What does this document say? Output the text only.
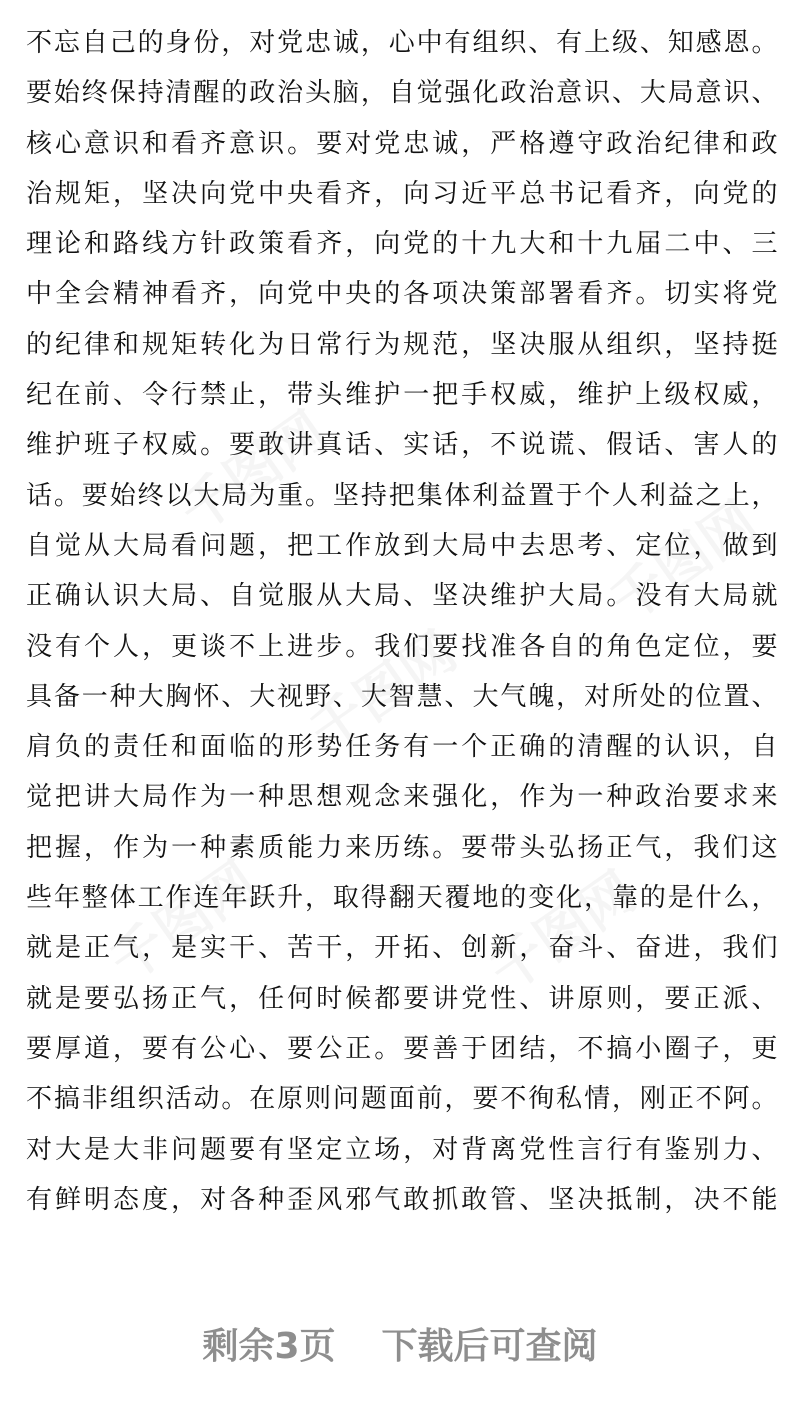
千图网
千图网
千图网
千图网	千图网
不忘自己的身份，对党忠诚，心中有组织、有上级、知感恩。
要始终保持清醒的政治头脑，自觉强化政治意识、大局意识、
核心意识和看齐意识。要对党忠诚，严格遵守政治纪律和政
治规矩，坚决向党中央看齐，向习近平总书记看齐，向党的
理论和路线方针政策看齐，向党的十九大和十九届二中、三
中全会精神看齐，向党中央的各项决策部署看齐。切实将党
的纪律和规矩转化为日常行为规范，坚决服从组织，坚持挺
纪在前、令行禁止，带头维护一把手权威，维护上级权威，
维护班子权威。要敢讲真话、实话，不说谎、假话、害人的
话。要始终以大局为重。坚持把集体利益置于个人利益之上，
自觉从大局看问题，把工作放到大局中去思考、定位，做到
正确认识大局、自觉服从大局、坚决维护大局。没有大局就
没有个人，更谈不上进步。我们要找准各自的角色定位，要
具备一种大胸怀、大视野、大智慧、大气魄，对所处的位置、
肩负的责任和面临的形势任务有一个正确的清醒的认识，自
觉把讲大局作为一种思想观念来强化，作为一种政治要求来
把握，作为一种素质能力来历练。要带头弘扬正气，我们这
些年整体工作连年跃升，取得翻天覆地的变化，靠的是什么，
就是正气，是实干、苦干，开拓、创新，奋斗、奋进，我们
就是要弘扬正气，任何时候都要讲党性、讲原则，要正派、
要厚道，要有公心、要公正。要善于团结，不搞小圈子，更
不搞非组织活动。在原则问题面前，要不徇私情，刚正不阿。
对大是大非问题要有坚定立场，对背离党性言行有鉴别力、
有鲜明态度，对各种歪风邪气敢抓敢管、坚决抵制，决不能
剩余3页 下载后可查阅
